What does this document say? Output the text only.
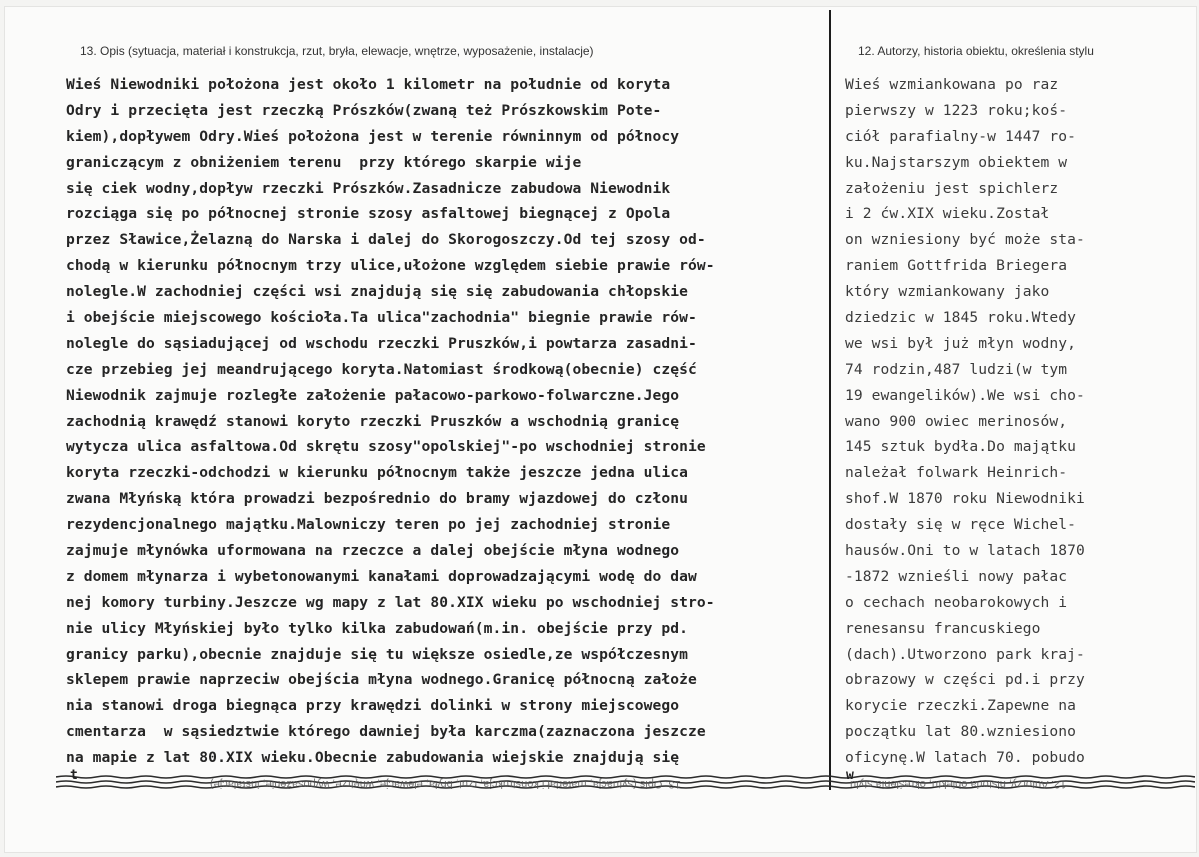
13. Opis (sytuacja, materiał i konstrukcja, rzut, bryła, elewacje, wnętrze, wyposażenie, instalacje)	12. Autorzy, historia obiektu, określenia stylu
Wieś Niewodniki położona jest około 1 kilometr na południe od koryta
Odry i przecięta jest rzeczką Prószków(zwaną też Prószkowskim Pote-
kiem),dopływem Odry.Wieś położona jest w terenie równinnym od północy
graniczącym z obniżeniem terenu  przy którego skarpie wije
się ciek wodny,dopływ rzeczki Prószków.Zasadnicze zabudowa Niewodnik
rozciąga się po północnej stronie szosy asfaltowej biegnącej z Opola
przez Sławice,Żelazną do Narska i dalej do Skorogoszczy.Od tej szosy od-
chodą w kierunku północnym trzy ulice,ułożone względem siebie prawie rów-
nolegle.W zachodniej części wsi znajdują się się zabudowania chłopskie
i obejście miejscowego kościoła.Ta ulica"zachodnia" biegnie prawie rów-
nolegle do sąsiadującej od wschodu rzeczki Pruszków,i powtarza zasadni-
cze przebieg jej meandrującego koryta.Natomiast środkową(obecnie) część
Niewodnik zajmuje rozległe założenie pałacowo-parkowo-folwarczne.Jego
zachodnią krawędź stanowi koryto rzeczki Pruszków a wschodnią granicę
wytycza ulica asfaltowa.Od skrętu szosy"opolskiej"-po wschodniej stronie
koryta rzeczki-odchodzi w kierunku północnym także jeszcze jedna ulica
zwana Młyńską która prowadzi bezpośrednio do bramy wjazdowej do członu
rezydencjonalnego majątku.Malowniczy teren po jej zachodniej stronie
zajmuje młynówka uformowana na rzeczce a dalej obejście młyna wodnego
z domem młynarza i wybetonowanymi kanałami doprowadzającymi wodę do daw
nej komory turbiny.Jeszcze wg mapy z lat 80.XIX wieku po wschodniej stro-
nie ulicy Młyńskiej było tylko kilka zabudowań(m.in. obejście przy pd.
granicy parku),obecnie znajduje się tu większe osiedle,ze współczesnym
sklepem prawie naprzeciw obejścia młyna wodnego.Granicę północną założe
nia stanowi droga biegnąca przy krawędzi dolinki w strony miejscowego
cmentarza  w sąsiedztwie którego dawniej była karczma(zaznaczona jeszcze
na mapie z lat 80.XIX wieku.Obecnie zabudowania wiejskie znajdują się
Wieś wzmiankowana po raz
pierwszy w 1223 roku;koś-
ciół parafialny-w 1447 ro-
ku.Najstarszym obiektem w
założeniu jest spichlerz
i 2 ćw.XIX wieku.Został
on wzniesiony być może sta-
raniem Gottfrida Briegera
który wzmiankowany jako
dziedzic w 1845 roku.Wtedy
we wsi był już młyn wodny,
74 rodzin,487 ludzi(w tym
19 ewangelików).We wsi cho-
wano 900 owiec merinosów,
145 sztuk bydła.Do majątku
należał folwark Heinrich-
shof.W 1870 roku Niewodniki
dostały się w ręce Wichel-
hausów.Oni to w latach 1870
-1872 wznieśli nowy pałac
o cechach neobarokowych i
renesansu francuskiego
(dach).Utworzono park kraj-
obrazowy w części pd.i przy
korycie rzeczki.Zapewne na
początku lat 80.wzniesiono
oficynę.W latach 70. pobudo
13. Opis (sytuacja, materiał i konstrukcja, rzut, bryła, elewacje, wnętrze, wyposażenie, instalacje)	12. Autorzy, historia obiektu, określenia stylu
t	w
